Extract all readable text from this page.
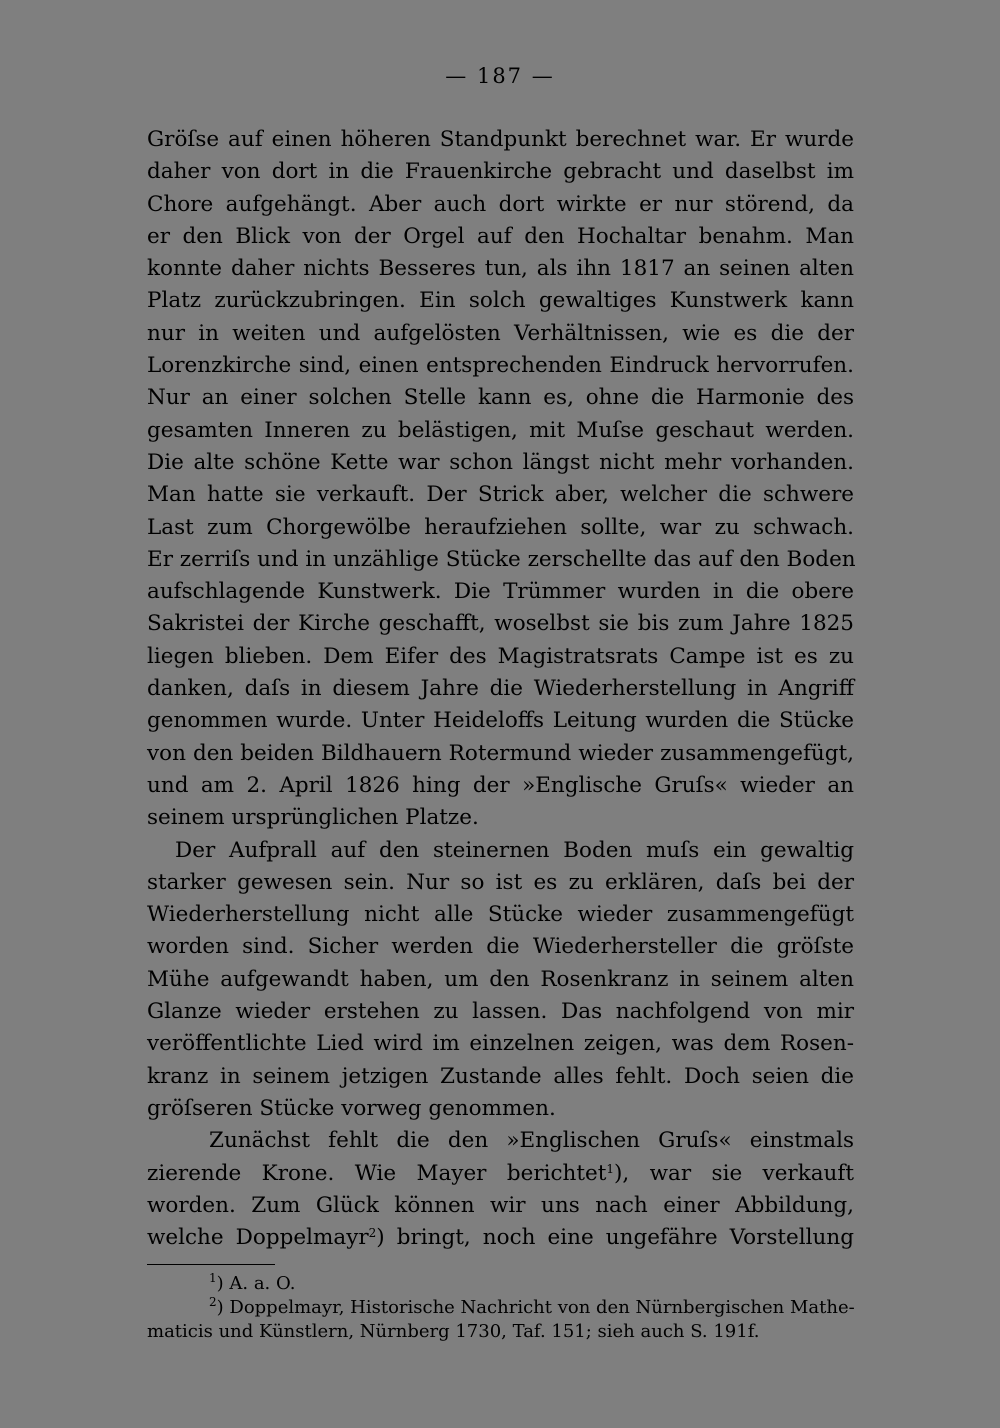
— 187 —
Gröſse auf einen höheren Standpunkt berechnet war. Er wurde
daher von dort in die Frauenkirche gebracht und daselbst im
Chore aufgehängt. Aber auch dort wirkte er nur störend, da
er den Blick von der Orgel auf den Hochaltar benahm. Man
konnte daher nichts Besseres tun, als ihn 1817 an seinen alten
Platz zurückzubringen. Ein solch gewaltiges Kunstwerk kann
nur in weiten und aufgelösten Verhältnissen, wie es die der
Lorenzkirche sind, einen entsprechenden Eindruck hervorrufen.
Nur an einer solchen Stelle kann es, ohne die Harmonie des
gesamten Inneren zu belästigen, mit Muſse geschaut werden.
Die alte schöne Kette war schon längst nicht mehr vorhanden.
Man hatte sie verkauft. Der Strick aber, welcher die schwere
Last zum Chorgewölbe heraufziehen sollte, war zu schwach.
Er zerriſs und in unzählige Stücke zerschellte das auf den Boden
aufschlagende Kunstwerk. Die Trümmer wurden in die obere
Sakristei der Kirche geschafft, woselbst sie bis zum Jahre 1825
liegen blieben. Dem Eifer des Magistratsrats Campe ist es zu
danken, daſs in diesem Jahre die Wiederherstellung in Angriff
genommen wurde. Unter Heideloffs Leitung wurden die Stücke
von den beiden Bildhauern Rotermund wieder zusammengefügt,
und am 2. April 1826 hing der »Englische Gruſs« wieder an
seinem ursprünglichen Platze.
Der Aufprall auf den steinernen Boden muſs ein gewaltig
starker gewesen sein. Nur so ist es zu erklären, daſs bei der
Wiederherstellung nicht alle Stücke wieder zusammengefügt
worden sind. Sicher werden die Wiederhersteller die gröſste
Mühe aufgewandt haben, um den Rosenkranz in seinem alten
Glanze wieder erstehen zu lassen. Das nachfolgend von mir
veröffentlichte Lied wird im einzelnen zeigen, was dem Rosen-
kranz in seinem jetzigen Zustande alles fehlt. Doch seien die
gröſseren Stücke vorweg genommen.
Zunächst fehlt die den »Englischen Gruſs« einstmals
zierende Krone. Wie Mayer berichtet$^1$), war sie verkauft
worden. Zum Glück können wir uns nach einer Abbildung,
welche Doppelmayr$^2$) bringt, noch eine ungefähre Vorstellung
$^1$) A. a. O.
$^2$) Doppelmayr, Historische Nachricht von den Nürnbergischen Mathe-
maticis und Künstlern, Nürnberg 1730, Taf. 151; sieh auch S. 191f.
